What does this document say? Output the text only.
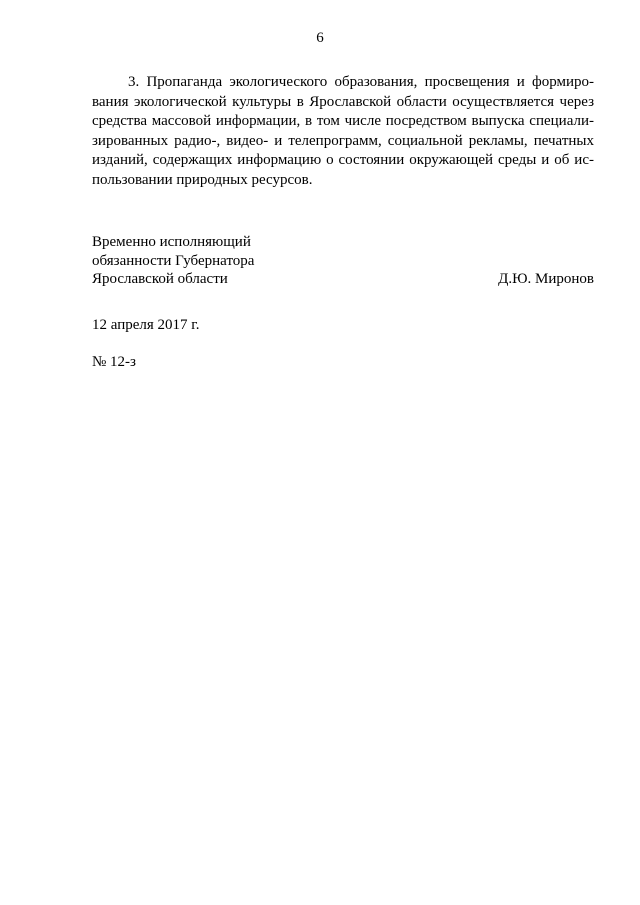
6
3. Пропаганда экологического образования, просвещения и формиро-
вания экологической культуры в Ярославской области осуществляется через
средства массовой информации, в том числе посредством выпуска специали-
зированных радио-, видео- и телепрограмм, социальной рекламы, печатных
изданий, содержащих информацию о состоянии окружающей среды и об ис-
пользовании природных ресурсов.
Временно исполняющий
обязанности Губернатора
Ярославской области	Д.Ю. Миронов
12 апреля 2017 г.
№ 12-з
